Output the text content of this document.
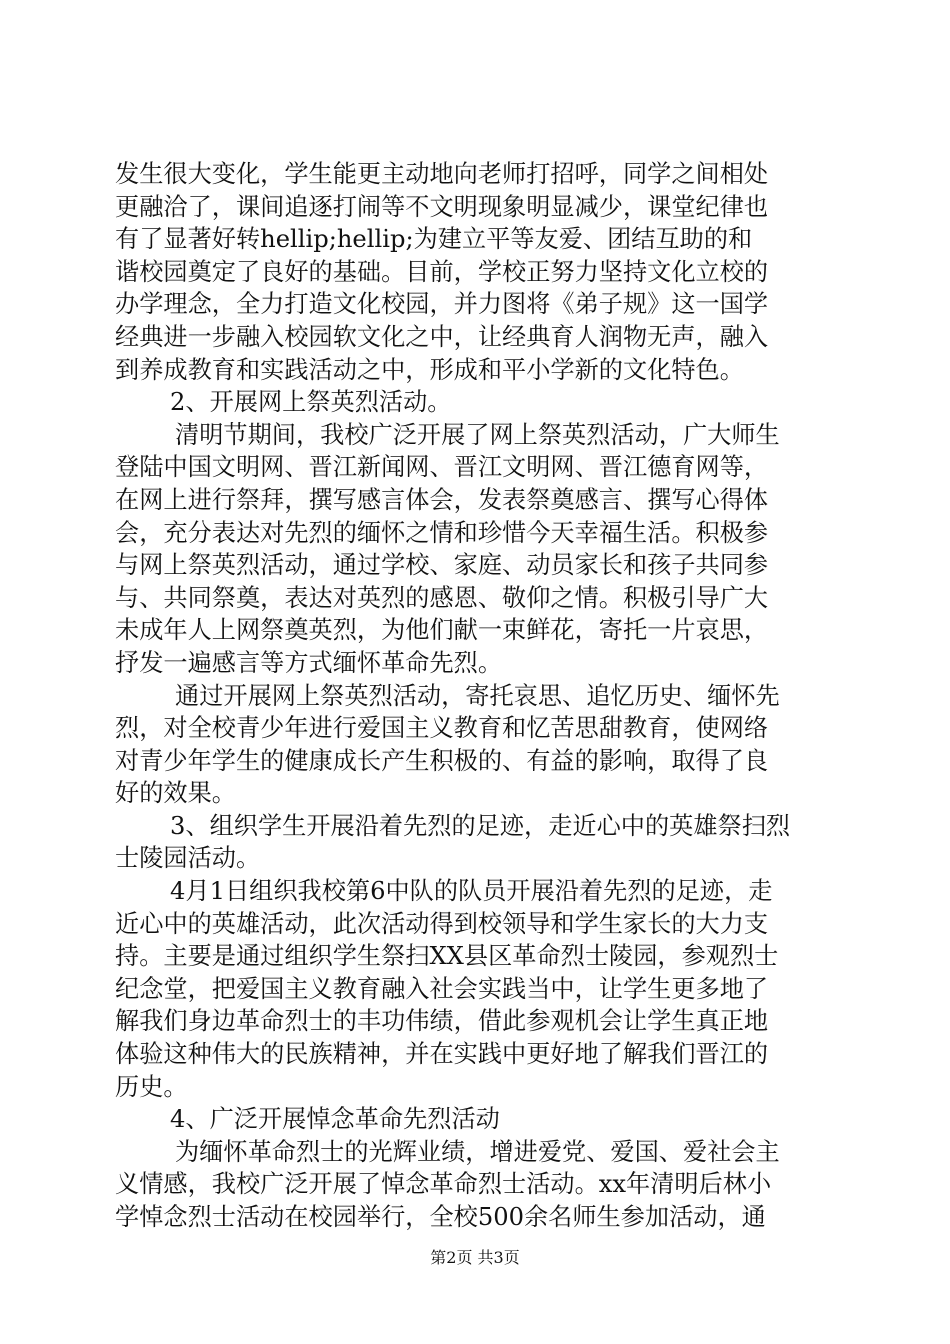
发生很大变化，学生能更主动地向老师打招呼，同学之间相处
更融洽了，课间追逐打闹等不文明现象明显减少，课堂纪律也
有了显著好转hellip;hellip;为建立平等友爱、团结互助的和
谐校园奠定了良好的基础。目前，学校正努力坚持文化立校的
办学理念，全力打造文化校园，并力图将《弟子规》这一国学
经典进一步融入校园软文化之中，让经典育人润物无声，融入
到养成教育和实践活动之中，形成和平小学新的文化特色。
2、开展网上祭英烈活动。
清明节期间，我校广泛开展了网上祭英烈活动，广大师生
登陆中国文明网、晋江新闻网、晋江文明网、晋江德育网等，
在网上进行祭拜，撰写感言体会，发表祭奠感言、撰写心得体
会，充分表达对先烈的缅怀之情和珍惜今天幸福生活。积极参
与网上祭英烈活动，通过学校、家庭、动员家长和孩子共同参
与、共同祭奠，表达对英烈的感恩、敬仰之情。积极引导广大
未成年人上网祭奠英烈，为他们献一束鲜花，寄托一片哀思，
抒发一遍感言等方式缅怀革命先烈。
通过开展网上祭英烈活动，寄托哀思、追忆历史、缅怀先
烈，对全校青少年进行爱国主义教育和忆苦思甜教育，使网络
对青少年学生的健康成长产生积极的、有益的影响，取得了良
好的效果。
3、组织学生开展沿着先烈的足迹，走近心中的英雄祭扫烈
士陵园活动。
4月1日组织我校第6中队的队员开展沿着先烈的足迹，走
近心中的英雄活动，此次活动得到校领导和学生家长的大力支
持。主要是通过组织学生祭扫XX县区革命烈士陵园，参观烈士
纪念堂，把爱国主义教育融入社会实践当中，让学生更多地了
解我们身边革命烈士的丰功伟绩，借此参观机会让学生真正地
体验这种伟大的民族精神，并在实践中更好地了解我们晋江的
历史。
4、广泛开展悼念革命先烈活动
为缅怀革命烈士的光辉业绩，增进爱党、爱国、爱社会主
义情感，我校广泛开展了悼念革命烈士活动。xx年清明后林小
学悼念烈士活动在校园举行，全校500余名师生参加活动，通
第2页 共3页
